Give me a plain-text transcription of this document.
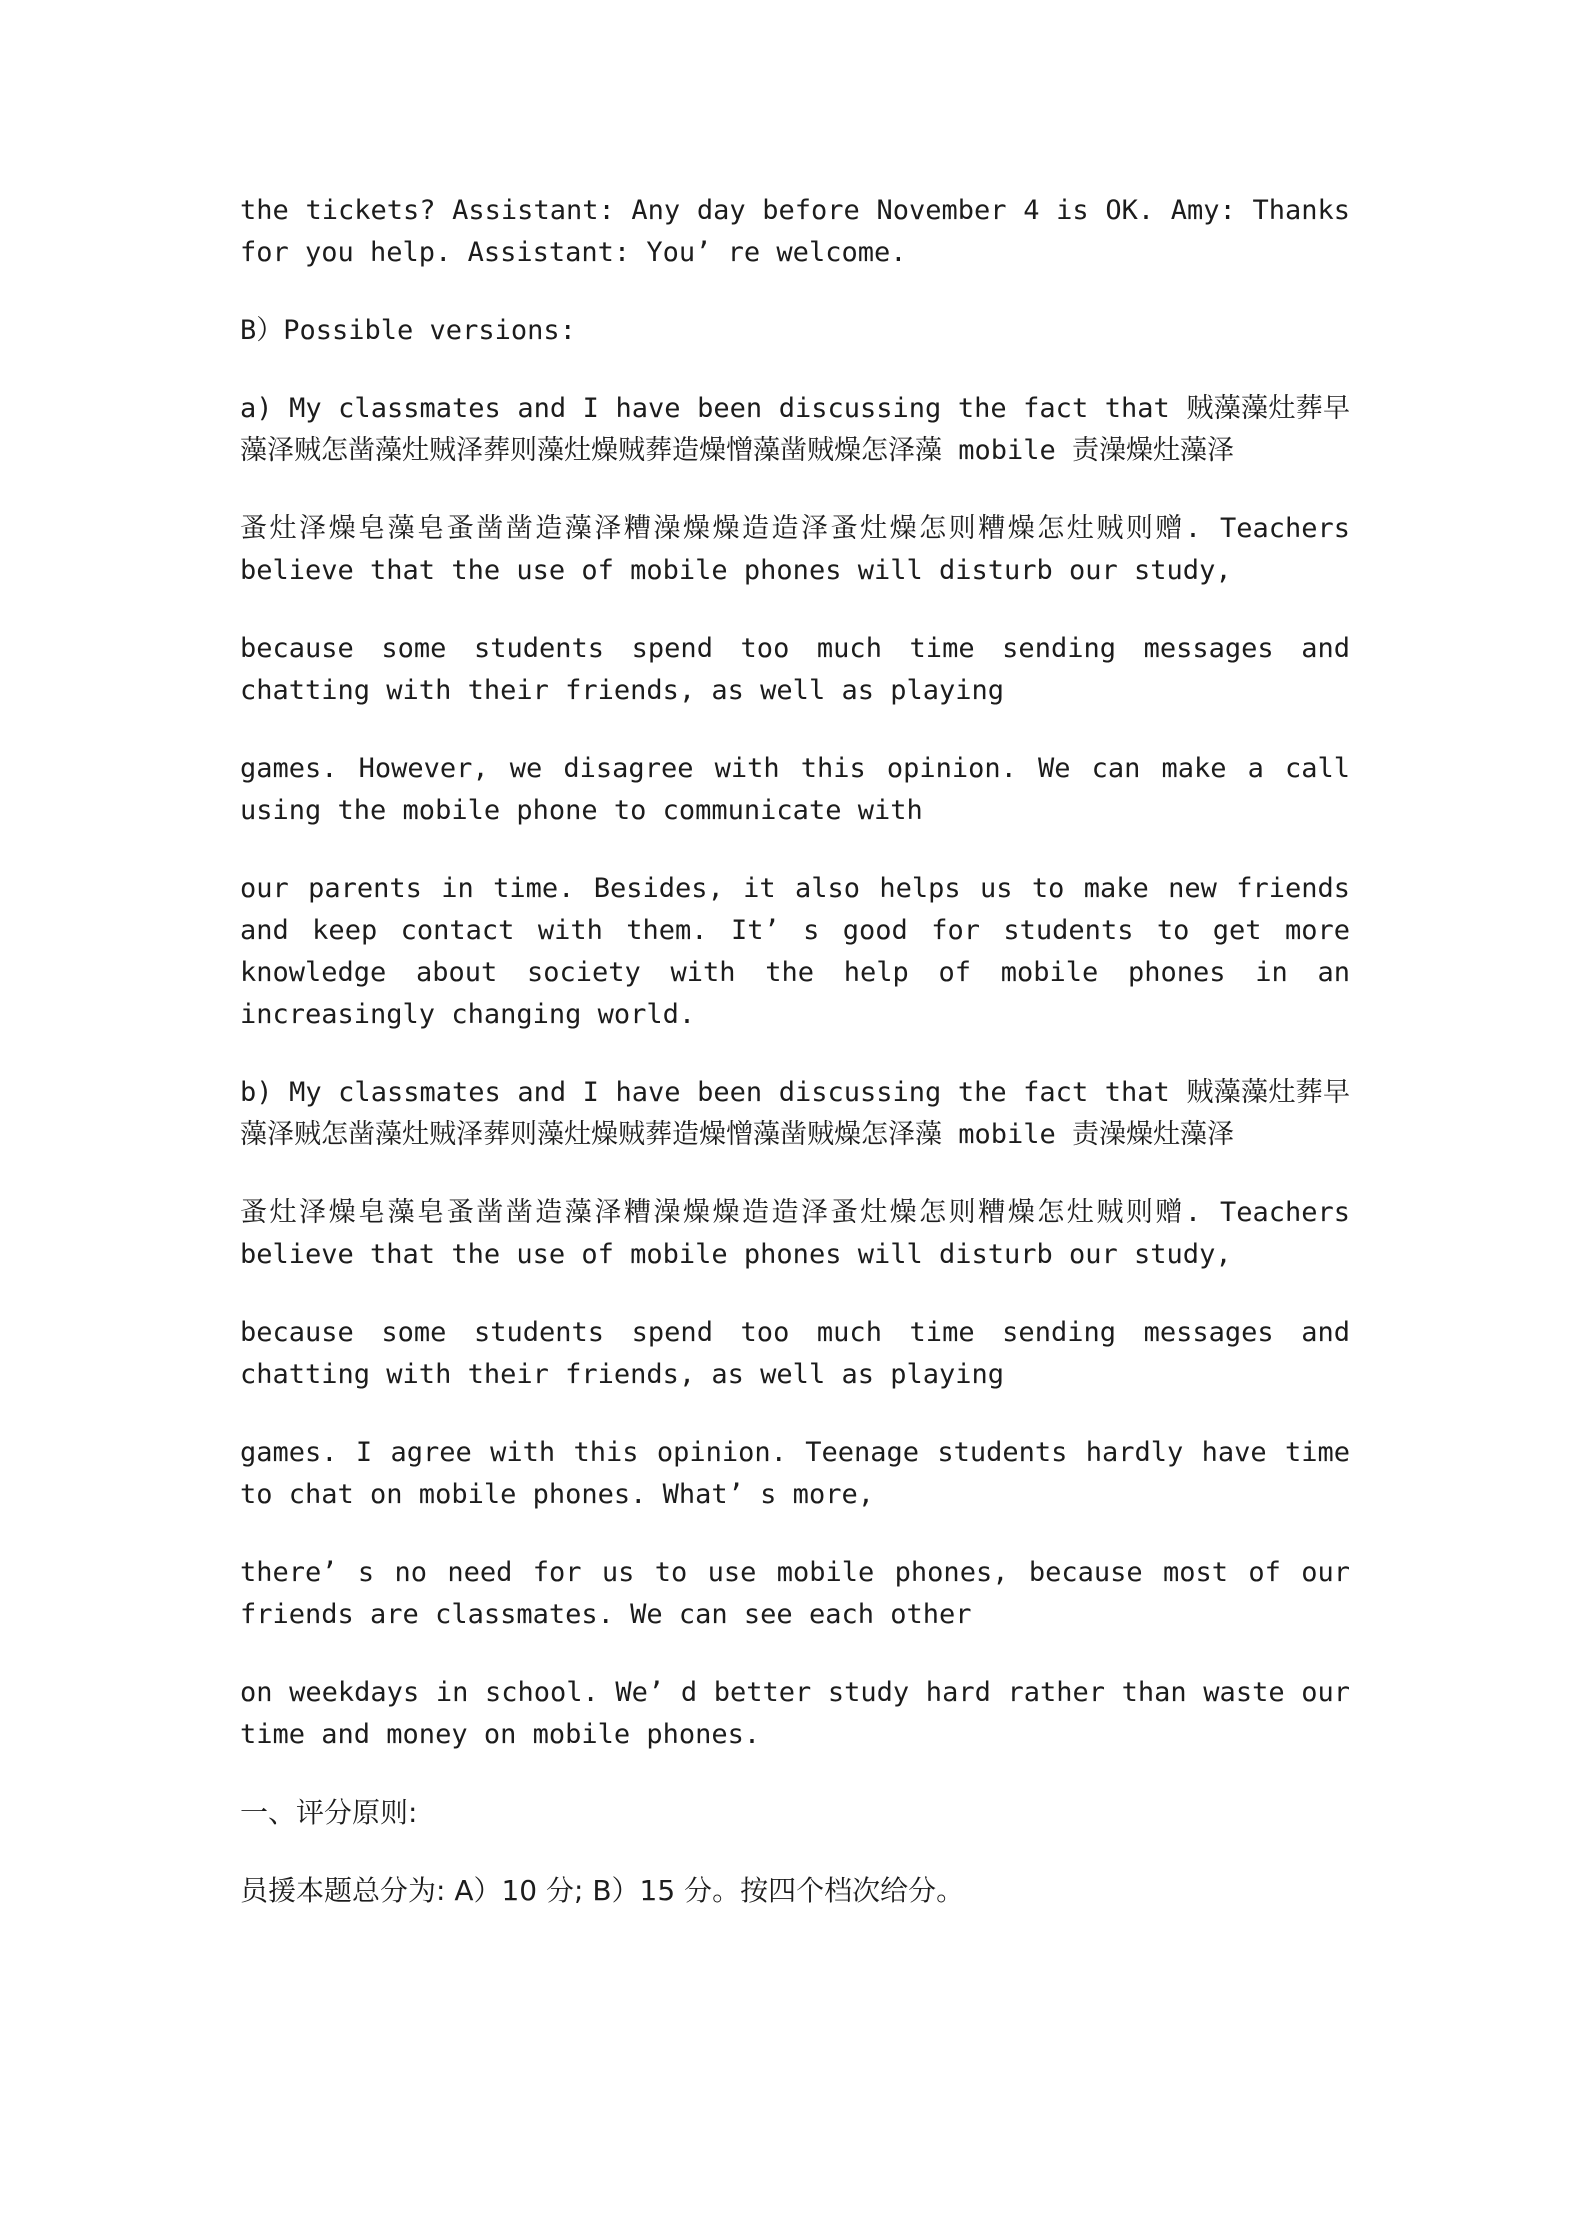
the tickets? Assistant: Any day before November 4 is OK. Amy: Thanks for you help. Assistant: You’ re welcome.

B）Possible versions:

a) My classmates and I have been discussing the fact that 贼藻藻灶葬早藻泽贼怎凿藻灶贼泽葬则藻灶燥贼葬造燥憎藻凿贼燥怎泽藻 mobile 责澡燥灶藻泽

蚤灶泽燥皂藻皂蚤凿凿造藻泽糟澡燥燥造造泽蚤灶燥怎则糟燥怎灶贼则赠. Teachers believe that the use of mobile phones will disturb our study,

because some students spend too much time sending messages and chatting with their friends, as well as playing

games. However, we disagree with this opinion. We can make a call using the mobile phone to communicate with

our parents in time. Besides, it also helps us to make new friends and keep contact with them. It’ s good for students to get more knowledge about society with the help of mobile phones in an increasingly changing world.

b) My classmates and I have been discussing the fact that 贼藻藻灶葬早藻泽贼怎凿藻灶贼泽葬则藻灶燥贼葬造燥憎藻凿贼燥怎泽藻 mobile 责澡燥灶藻泽

蚤灶泽燥皂藻皂蚤凿凿造藻泽糟澡燥燥造造泽蚤灶燥怎则糟燥怎灶贼则赠. Teachers believe that the use of mobile phones will disturb our study,

because some students spend too much time sending messages and chatting with their friends, as well as playing

games. I agree with this opinion. Teenage students hardly have time to chat on mobile phones. What’ s more,

there’ s no need for us to use mobile phones, because most of our friends are classmates. We can see each other

on weekdays in school. We’ d better study hard rather than waste our time and money on mobile phones.

一、评分原则:

员援本题总分为: A）10 分; B）15 分。按四个档次给分。
